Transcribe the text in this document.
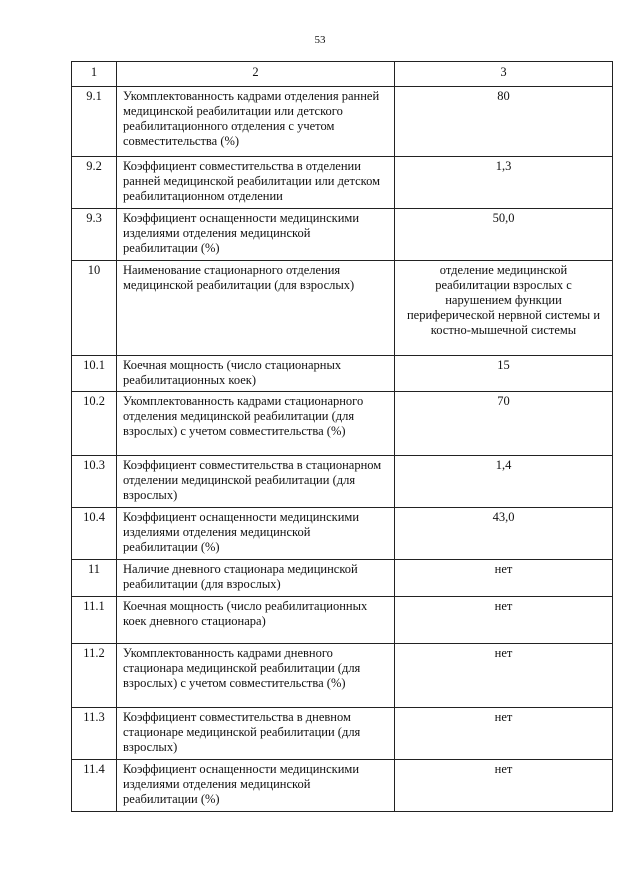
53
1	2	3
9.1	Укомплектованность кадрами отделения ранней медицинской реабилитации или детского реабилитационного отделения с учетом совместительства (%)	80
9.2	Коэффициент совместительства в отделении ранней медицинской реабилитации или детском реабилитационном отделении	1,3
9.3	Коэффициент оснащенности медицинскими изделиями отделения медицинской реабилитации (%)	50,0
10	Наименование стационарного отделения медицинской реабилитации (для взрослых)	отделение медицинской реабилитации взрослых с нарушением функции периферической нервной системы и костно-мышечной системы
10.1	Коечная мощность (число стационарных реабилитационных коек)	15
10.2	Укомплектованность кадрами стационарного отделения медицинской реабилитации (для взрослых) с учетом совместительства (%)	70
10.3	Коэффициент совместительства в стационарном отделении медицинской реабилитации (для взрослых)	1,4
10.4	Коэффициент оснащенности медицинскими изделиями отделения медицинской реабилитации (%)	43,0
11	Наличие дневного стационара медицинской реабилитации (для взрослых)	нет
11.1	Коечная мощность (число реабилитационных коек дневного стационара)	нет
11.2	Укомплектованность кадрами дневного стационара медицинской реабилитации (для взрослых) с учетом совместительства (%)	нет
11.3	Коэффициент совместительства в дневном стационаре медицинской реабилитации (для взрослых)	нет
11.4	Коэффициент оснащенности медицинскими изделиями отделения медицинской реабилитации (%)	нет
